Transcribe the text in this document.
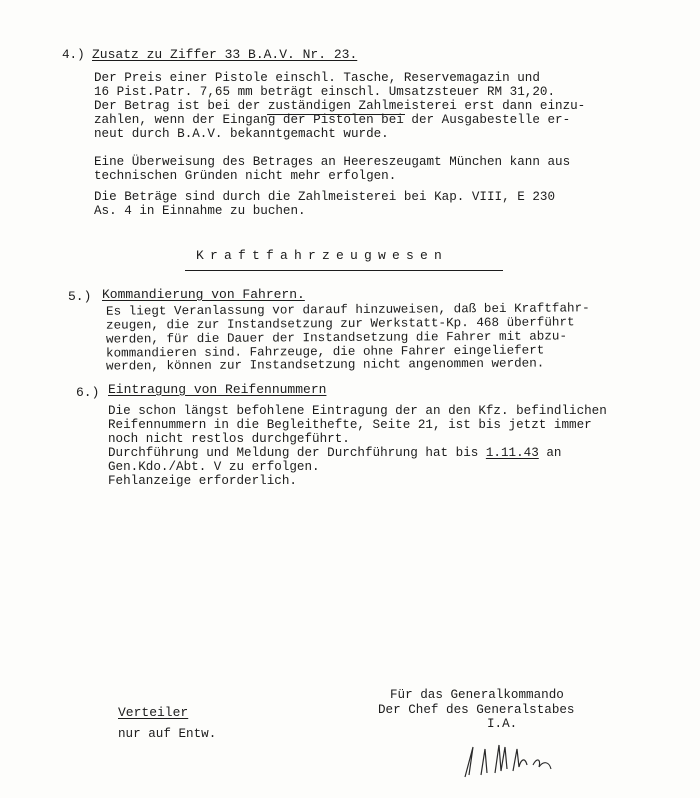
4.) Zusatz zu Ziffer 33 B.A.V. Nr. 23.
Der Preis einer Pistole einschl. Tasche, Reservemagazin und
16 Pist.Patr. 7,65 mm beträgt einschl. Umsatzsteuer RM 31,20.
Der Betrag ist bei der zuständigen Zahlmeisterei erst dann einzu-
zahlen, wenn der Eingang der Pistolen bei der Ausgabestelle er-
neut durch B.A.V. bekanntgemacht wurde.
Eine Überweisung des Betrages an Heereszeugamt München kann aus
technischen Gründen nicht mehr erfolgen.
Die Beträge sind durch die Zahlmeisterei bei Kap. VIII, E 230
As. 4 in Einnahme zu buchen.
Kraftfahrzeugwesen
5.) Kommandierung von Fahrern.
Es liegt Veranlassung vor darauf hinzuweisen, daß bei Kraftfahr-
zeugen, die zur Instandsetzung zur Werkstatt-Kp. 468 überführt
werden, für die Dauer der Instandsetzung die Fahrer mit abzu-
kommandieren sind. Fahrzeuge, die ohne Fahrer eingeliefert
werden, können zur Instandsetzung nicht angenommen werden.
6.) Eintragung von Reifennummern
Die schon längst befohlene Eintragung der an den Kfz. befindlichen
Reifennummern in die Begleithefte, Seite 21, ist bis jetzt immer
noch nicht restlos durchgeführt.
Durchführung und Meldung der Durchführung hat bis 1.11.43 an
Gen.Kdo./Abt. V zu erfolgen.
Fehlanzeige erforderlich.
Verteiler
nur auf Entw.
Für das Generalkommando
Der Chef des Generalstabes
I.A.
